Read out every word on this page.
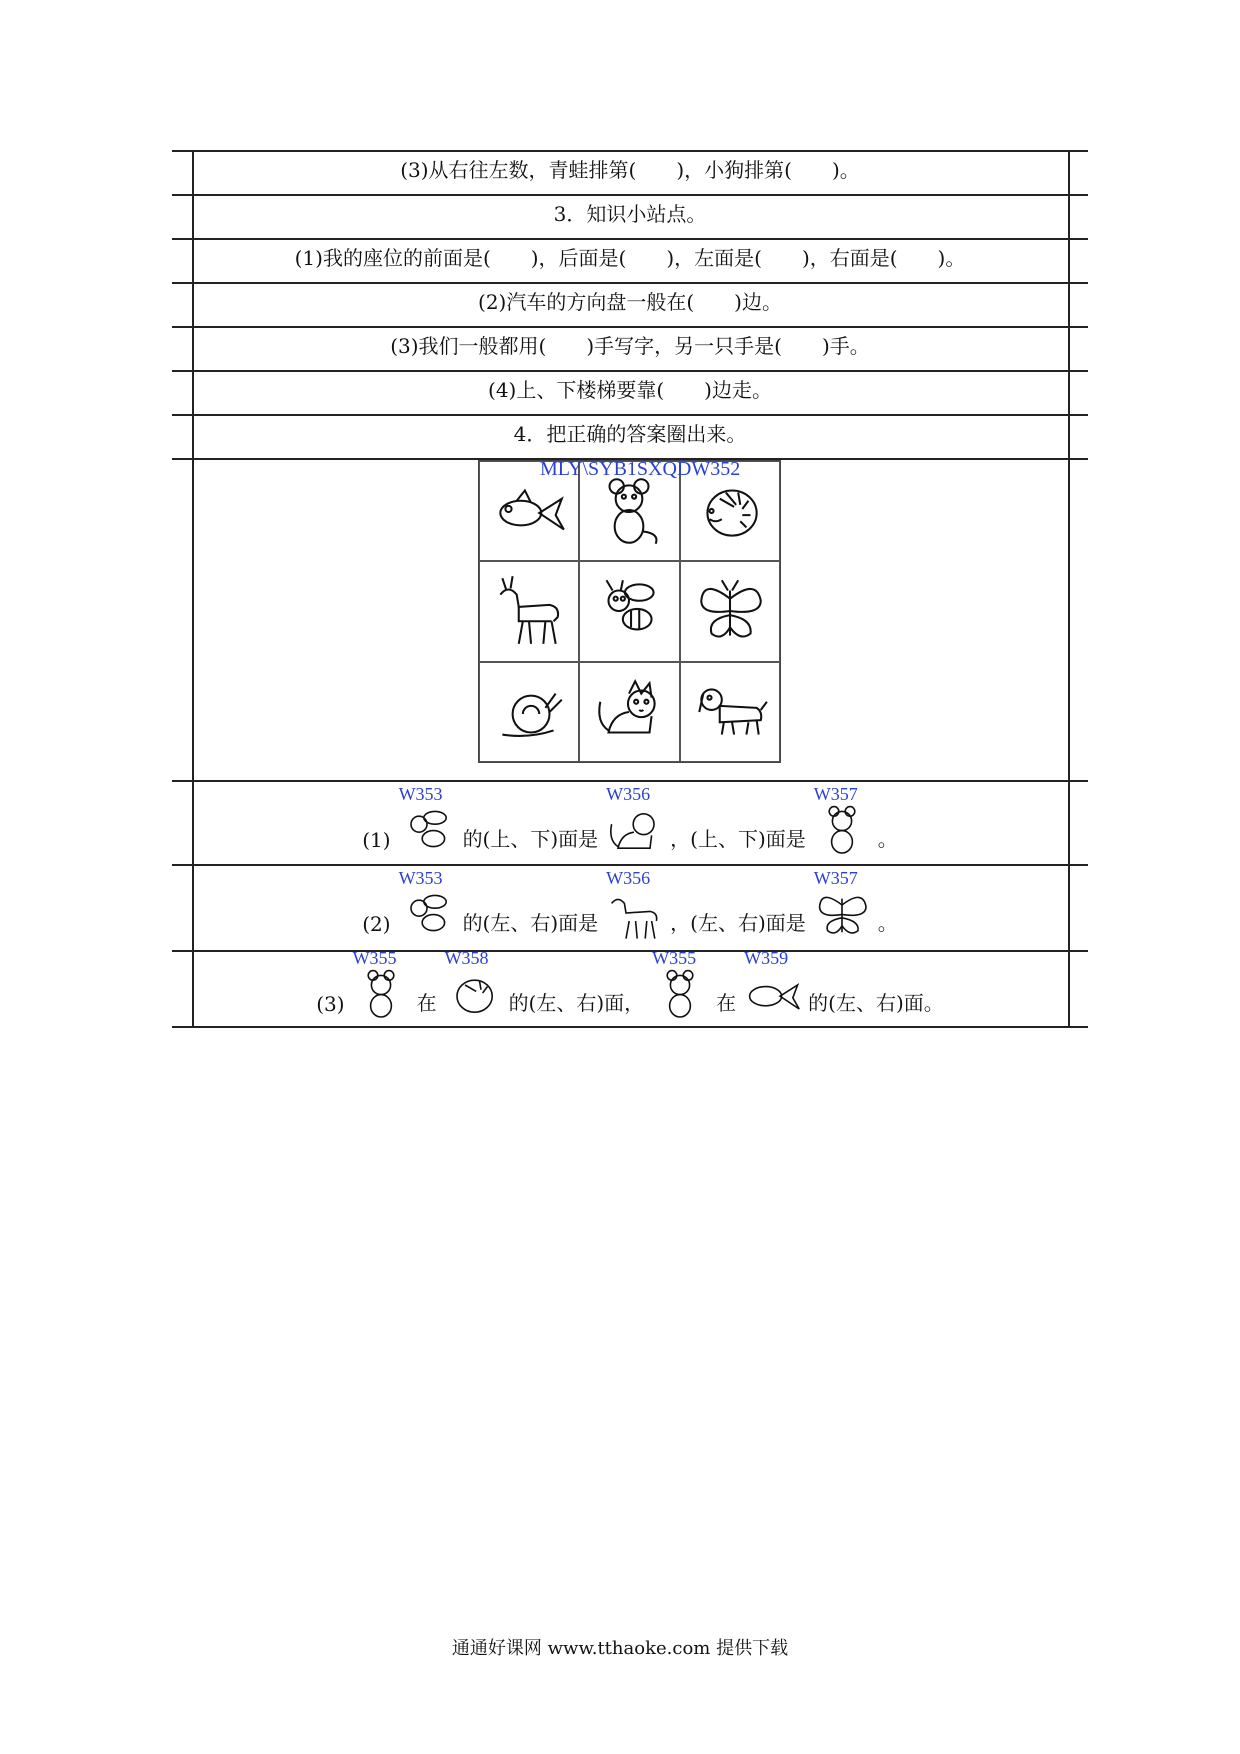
(3)从右往左数，青蛙排第(　　)，小狗排第(　　)。
3．知识小站点。
(1)我的座位的前面是(　　)，后面是(　　)，左面是(　　)，右面是(　　)。
(2)汽车的方向盘一般在(　　)边。
(3)我们一般都用(　　)手写字，另一只手是(　　)手。
(4)上、下楼梯要靠(　　)边走。
4．把正确的答案圈出来。
MLY\SYB1SXQDW352
(1)
W353
的(上、下)面是
W356
，(上、下)面是
W357
。
(2)
W353
的(左、右)面是
W356
，(左、右)面是
W357
。
(3)
W355
在
W358
的(左、右)面，
W355
在
W359
的(左、右)面。
通通好课网 www.tthaoke.com 提供下载
